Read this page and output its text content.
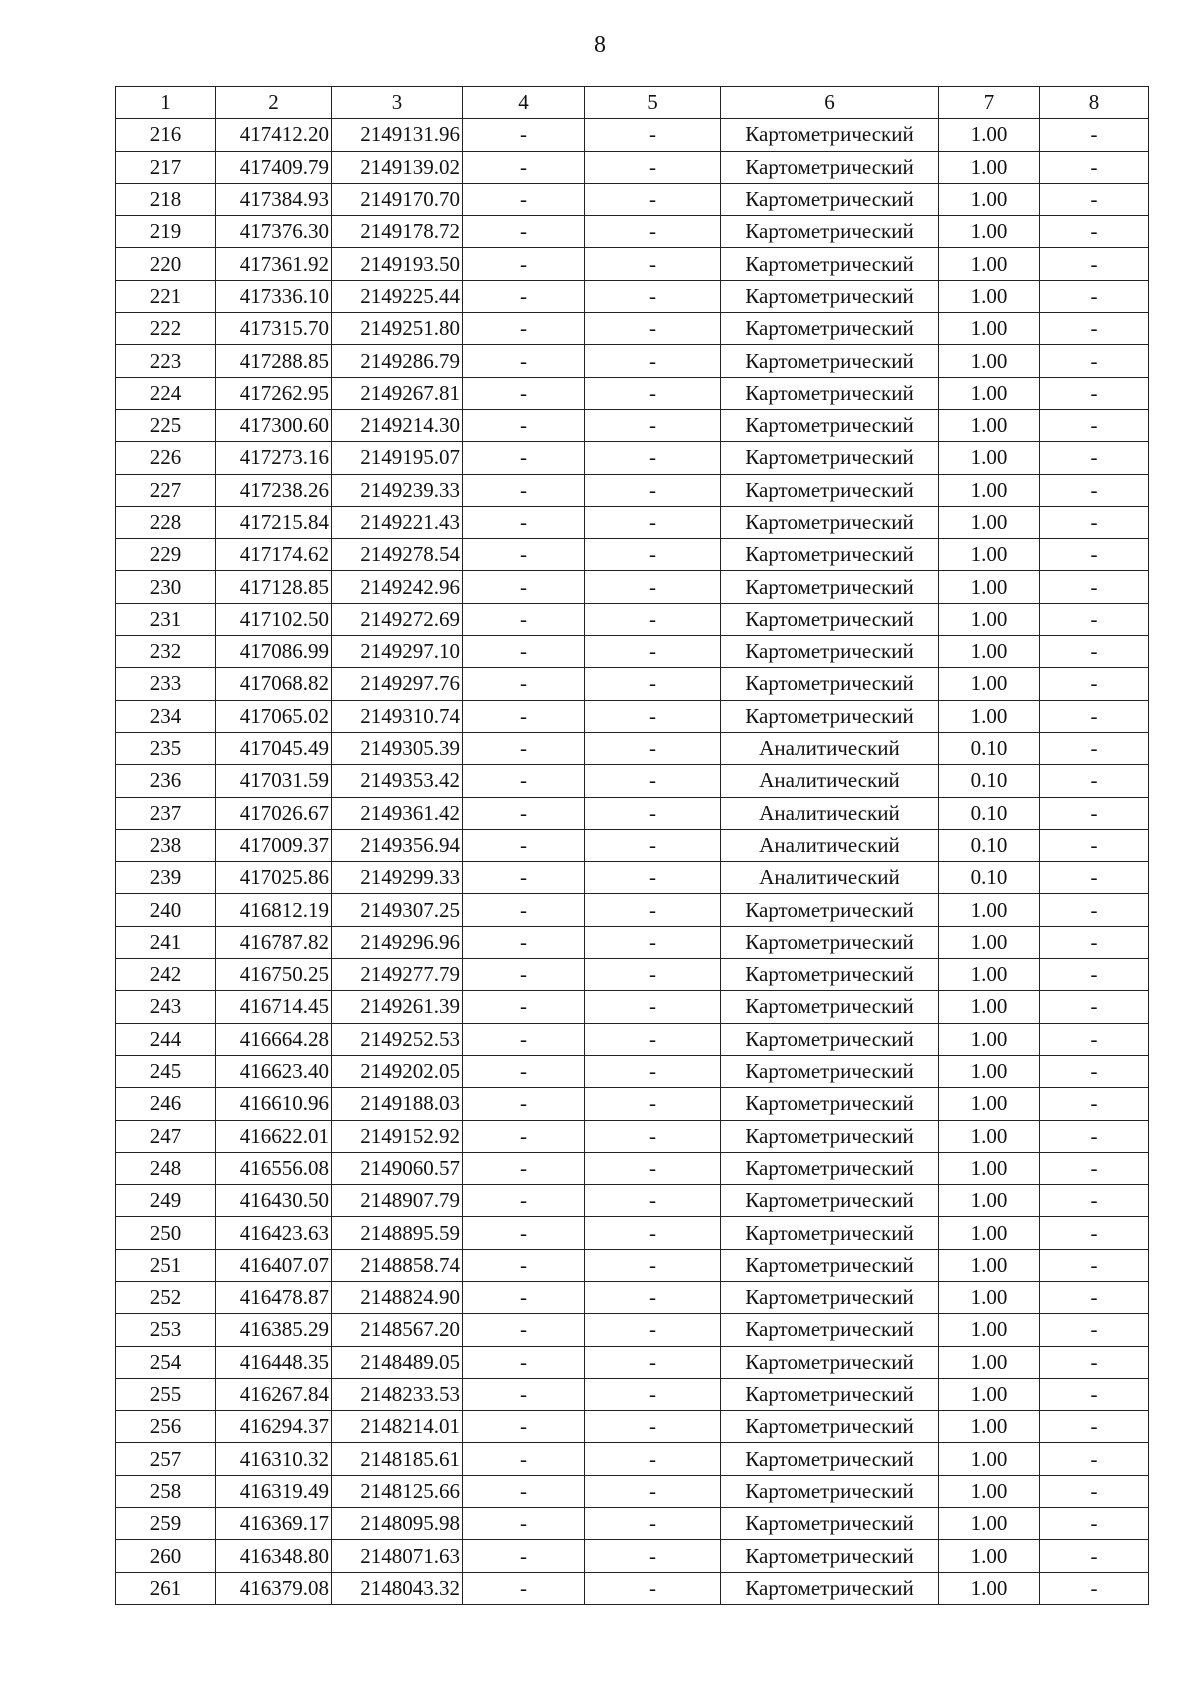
8
1	2	3	4	5	6	7	8
216	417412.20	2149131.96	-	-	Картометрический	1.00	-
217	417409.79	2149139.02	-	-	Картометрический	1.00	-
218	417384.93	2149170.70	-	-	Картометрический	1.00	-
219	417376.30	2149178.72	-	-	Картометрический	1.00	-
220	417361.92	2149193.50	-	-	Картометрический	1.00	-
221	417336.10	2149225.44	-	-	Картометрический	1.00	-
222	417315.70	2149251.80	-	-	Картометрический	1.00	-
223	417288.85	2149286.79	-	-	Картометрический	1.00	-
224	417262.95	2149267.81	-	-	Картометрический	1.00	-
225	417300.60	2149214.30	-	-	Картометрический	1.00	-
226	417273.16	2149195.07	-	-	Картометрический	1.00	-
227	417238.26	2149239.33	-	-	Картометрический	1.00	-
228	417215.84	2149221.43	-	-	Картометрический	1.00	-
229	417174.62	2149278.54	-	-	Картометрический	1.00	-
230	417128.85	2149242.96	-	-	Картометрический	1.00	-
231	417102.50	2149272.69	-	-	Картометрический	1.00	-
232	417086.99	2149297.10	-	-	Картометрический	1.00	-
233	417068.82	2149297.76	-	-	Картометрический	1.00	-
234	417065.02	2149310.74	-	-	Картометрический	1.00	-
235	417045.49	2149305.39	-	-	Аналитический	0.10	-
236	417031.59	2149353.42	-	-	Аналитический	0.10	-
237	417026.67	2149361.42	-	-	Аналитический	0.10	-
238	417009.37	2149356.94	-	-	Аналитический	0.10	-
239	417025.86	2149299.33	-	-	Аналитический	0.10	-
240	416812.19	2149307.25	-	-	Картометрический	1.00	-
241	416787.82	2149296.96	-	-	Картометрический	1.00	-
242	416750.25	2149277.79	-	-	Картометрический	1.00	-
243	416714.45	2149261.39	-	-	Картометрический	1.00	-
244	416664.28	2149252.53	-	-	Картометрический	1.00	-
245	416623.40	2149202.05	-	-	Картометрический	1.00	-
246	416610.96	2149188.03	-	-	Картометрический	1.00	-
247	416622.01	2149152.92	-	-	Картометрический	1.00	-
248	416556.08	2149060.57	-	-	Картометрический	1.00	-
249	416430.50	2148907.79	-	-	Картометрический	1.00	-
250	416423.63	2148895.59	-	-	Картометрический	1.00	-
251	416407.07	2148858.74	-	-	Картометрический	1.00	-
252	416478.87	2148824.90	-	-	Картометрический	1.00	-
253	416385.29	2148567.20	-	-	Картометрический	1.00	-
254	416448.35	2148489.05	-	-	Картометрический	1.00	-
255	416267.84	2148233.53	-	-	Картометрический	1.00	-
256	416294.37	2148214.01	-	-	Картометрический	1.00	-
257	416310.32	2148185.61	-	-	Картометрический	1.00	-
258	416319.49	2148125.66	-	-	Картометрический	1.00	-
259	416369.17	2148095.98	-	-	Картометрический	1.00	-
260	416348.80	2148071.63	-	-	Картометрический	1.00	-
261	416379.08	2148043.32	-	-	Картометрический	1.00	-
